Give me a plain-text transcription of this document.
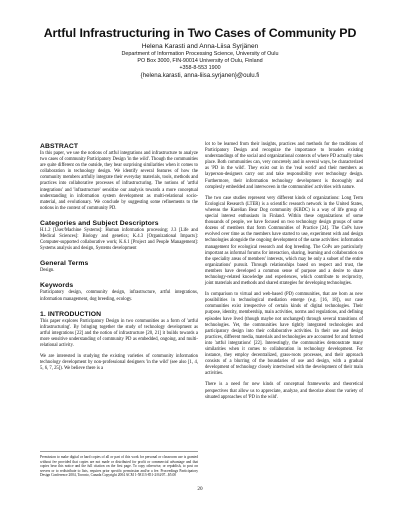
Artful Infrastructuring in Two Cases of Community PD
Helena Karasti and Anna-Liisa Syrjänen
Department of Information Processing Science, University of Oulu
PO Box 3000, FIN-90014 University of Oulu, Finland
+358-8-553 1900
{helena.karasti, anna-liisa.syrjanen}@oulu.fi
ABSTRACT

In this paper, we use the notions of artful integrations and infrastructure to analyze two cases of community Participatory Design 'in the wild'. Though the communities are quite different on the outside, they bear surprising similarities when it comes to collaboration in technology design. We identify several features of how the community members artfully integrate their everyday materials, tools, methods and practices into collaborative processes of infrastructuring. The notions of 'artful integrations' and 'infrastructure' sensitize our analysis towards a more conceptual understanding in information system development as multi-relational socio-material, and evolutionary. We conclude by suggesting some refinements to the notions in the context of community PD.

Categories and Subject Descriptors

H.1.2 [User/Machine Systems]: Human information processing; J.3 [Life and Medical Sciences]: Biology and genetics; K.4.3 [Organizational Impacts]: Computer-supported collaborative work; K.6.1 [Project and People Management]: Systems analysis and design, Systems development

General Terms

Design.

Keywords

Participatory design, community design, infrastructure, artful integrations, information management, dog breeding, ecology.

1. INTRODUCTION

This paper explores Participatory Design in two communities as a form of 'artful infrastructuring'. By bringing together the study of technology development as artful integrations [22] and the notion of infrastructure [20, 21] it builds towards a more sensitive understanding of community PD as embedded, ongoing, and multi-relational activity.

We are interested in studying the existing varieties of community information technology development by non-professional designers 'in the wild' (see also [1, 4, 5, 6, 7, 25]). We believe there is a

Permission to make digital or hard copies of all or part of this work for personal or classroom use is granted without fee provided that copies are not made or distributed for profit or commercial advantage and that copies bear this notice and the full citation on the first page. To copy otherwise, or republish, to post on servers or to redistribute to lists, requires prior specific permission and/or a fee. Proceedings Participatory Design Conference 2004, Toronto, Canada Copyright 2004 ACM 1-58113-851-2/04/07...$5.00

lot to be learned from their insights, practices and methods for the traditions of Participatory Design and recognize the importance to broaden existing understandings of the social and organizational contexts of where PD actually takes place. Both communities can, very concretely and in several ways, be characterized as 'PD in the wild'. They exist out in the 'real world' and their members as layperson-designers carry out and take responsibility over technology design. Furthermore, their information technology development is thoroughly and complexly embedded and interwoven in the communities' activities with nature.

The two case studies represent very different kinds of organizations: Long Term Ecological Research (LTER) is a scientific research network in the United States, whereas the Karelian Bear Dog community (KBDC) is a way of life group of special interest enthusiasts in Finland. Within these organizations of some thousands of people, we have focused on two technology design groups of some dozens of members that form Communities of Practice [24]. The CoPs have evolved over time as the members have started to use, experiment with and design technologies alongside the ongoing development of the same activities: information management for ecological research and dog breeding. The CoPs are particularly important as informal forums for interaction, sharing, learning and collaboration on the speciality areas of members' interests, which may be only a subset of the entire organizations' pursuit. Through relationships based on respect and trust, the members have developed a common sense of purpose and a desire to share technology-related knowledge and experiences, which contribute to reciprocity, joint materials and methods and shared strategies for developing technologies.

In comparison to virtual and web-based (PD) communities, that are born as new possibilities in technological mediation emerge (e.g. [16, 18]), our case communities exist irrespective of certain kinds of digital technologies. Their purpose, identity, membership, main activities, norms and regulations, and defining episodes have lived (though maybe not unchanged) through several transitions of technologies. Yet, the communities have tightly integrated technologies and participatory design into their collaborative activities. In their use and design practices, different media, materials and technologies are accounted for and formed into 'artful integrations' [22]. Interestingly, the communities demonstrate many similarities when it comes to collaboration in technology development. For instance, they employ decentralized, grass-roots processes, and their approach consists of a blurring of the boundaries of use and design, with a gradual development of technology closely intertwined with the development of their main activities.

There is a need for new kinds of conceptual frameworks and theoretical perspectives that allow us to appreciate, analyze, and theorize about the variety of situated approaches of 'PD in the wild'.

20
